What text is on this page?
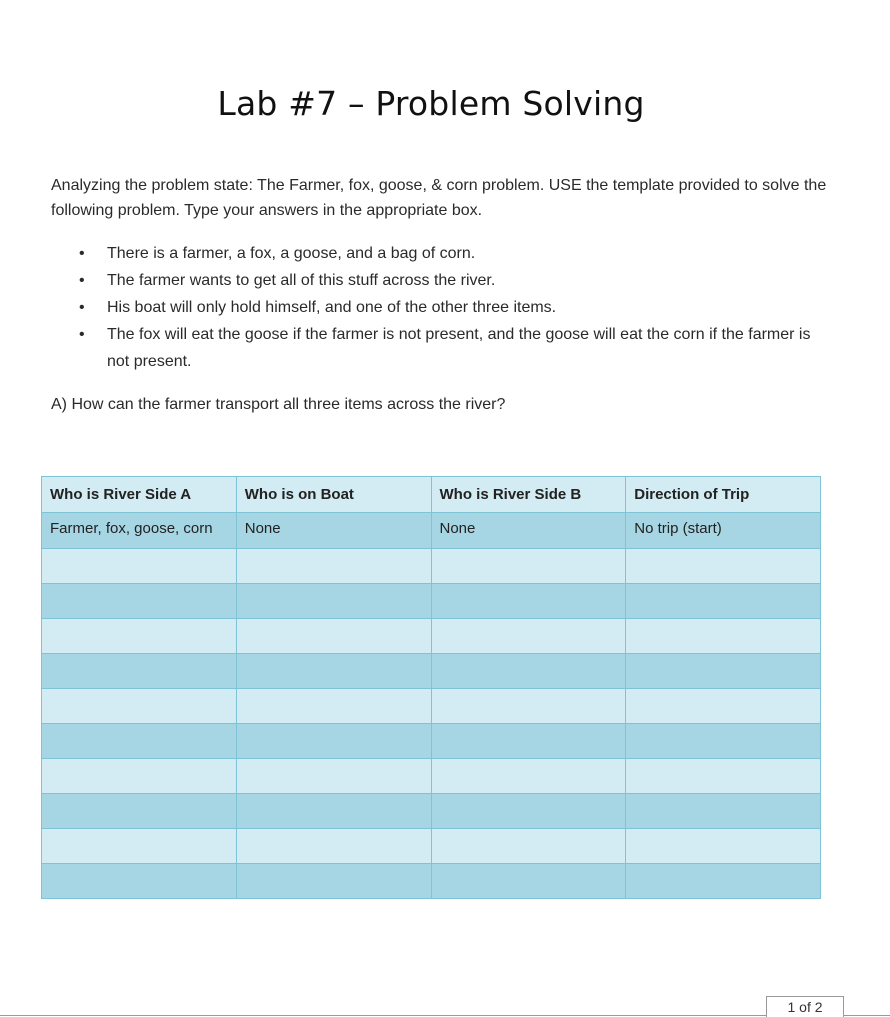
Lab #7 – Problem Solving
Analyzing the problem state: The Farmer, fox, goose, & corn problem. USE the template provided to solve the following problem. Type your answers in the appropriate box.
• There is a farmer, a fox, a goose, and a bag of corn.
• The farmer wants to get all of this stuff across the river.
• His boat will only hold himself, and one of the other three items.
• The fox will eat the goose if the farmer is not present, and the goose will eat the corn if the farmer is not present.
A) How can the farmer transport all three items across the river?
Who is River Side A	Who is on Boat	Who is River Side B	Direction of Trip
Farmer, fox, goose, corn	None	None	No trip (start)

1 of 2
